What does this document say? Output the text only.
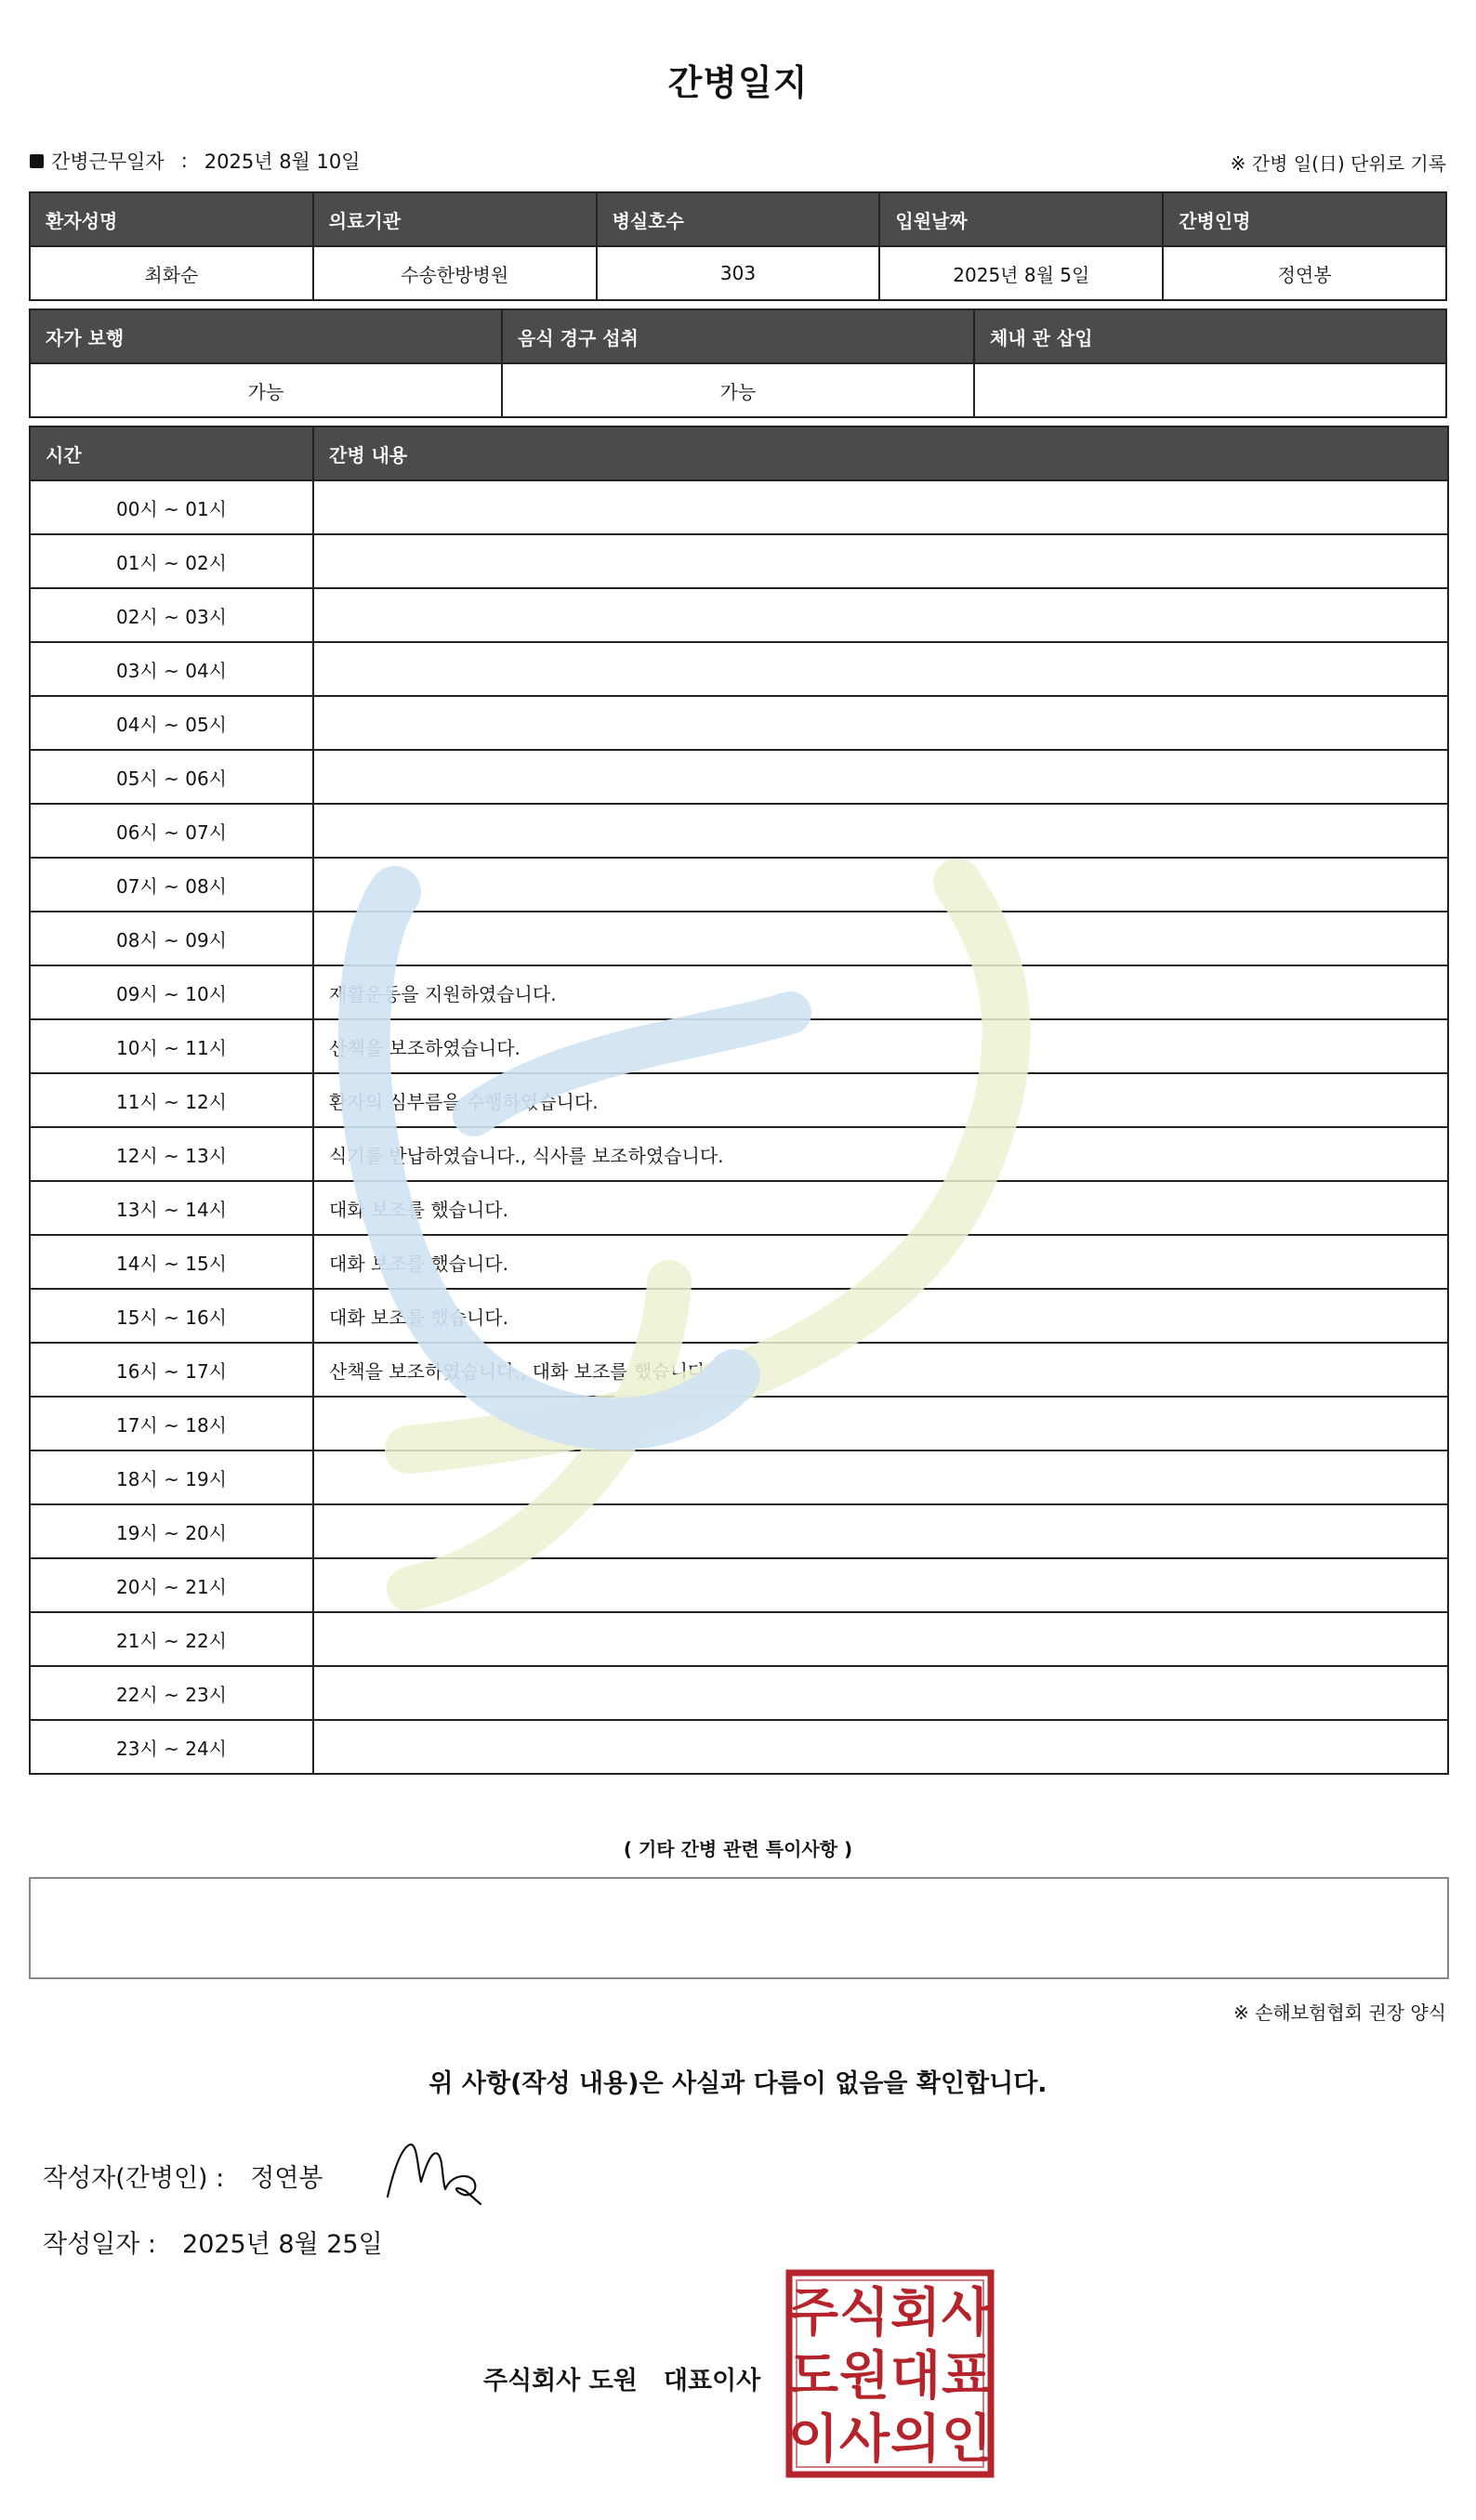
간병일지
간병근무일자 : 2025년 8월 10일	※ 간병 일(日) 단위로 기록
환자성명	의료기관	병실호수	입원날짜	간병인명
최화순	수송한방병원	303	2025년 8월 5일	정연봉
자가 보행	음식 경구 섭취	체내 관 삽입
가능	가능	
시간	간병 내용
00시 ~ 01시	
01시 ~ 02시	
02시 ~ 03시	
03시 ~ 04시	
04시 ~ 05시	
05시 ~ 06시	
06시 ~ 07시	
07시 ~ 08시	
08시 ~ 09시	
09시 ~ 10시	재활운동을 지원하였습니다.
10시 ~ 11시	산책을 보조하였습니다.
11시 ~ 12시	환자의 심부름을 수행하였습니다.
12시 ~ 13시	식기를 반납하였습니다., 식사를 보조하였습니다.
13시 ~ 14시	대화 보조를 했습니다.
14시 ~ 15시	대화 보조를 했습니다.
15시 ~ 16시	대화 보조를 했습니다.
16시 ~ 17시	산책을 보조하였습니다., 대화 보조를 했습니다.
17시 ~ 18시	
18시 ~ 19시	
19시 ~ 20시	
20시 ~ 21시	
21시 ~ 22시	
22시 ~ 23시	
23시 ~ 24시	
( 기타 간병 관련 특이사항 )
※ 손해보험협회 권장 양식
위 사항(작성 내용)은 사실과 다름이 없음을 확인합니다.
작성자(간병인) : 정연봉
작성일자 : 2025년 8월 25일
주식회사 도원 대표이사
주 식 회 사
도 원 대 표
이 사 의 인
